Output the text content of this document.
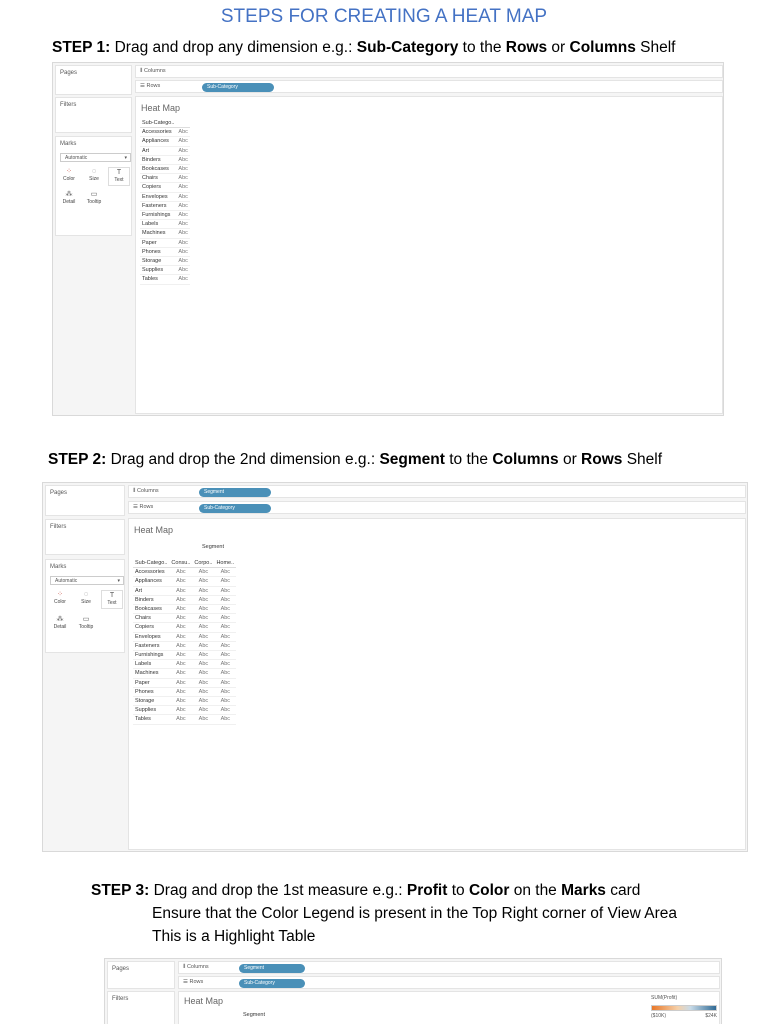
STEPS FOR CREATING A HEAT MAP
STEP 1: Drag and drop any dimension e.g.: Sub-Category to the Rows or Columns Shelf
Pages
Filters
Marks
Automatic	▾
⁘
Color
◌
Size
T
Text
⁂
Detail
▭
Tooltip
⦀ Columns
☰ Rows	Sub-Category
Heat Map
Sub-Catego..	
Accessories	Abc
Appliances	Abc
Art	Abc
Binders	Abc
Bookcases	Abc
Chairs	Abc
Copiers	Abc
Envelopes	Abc
Fasteners	Abc
Furnishings	Abc
Labels	Abc
Machines	Abc
Paper	Abc
Phones	Abc
Storage	Abc
Supplies	Abc
Tables	Abc
STEP 2: Drag and drop the 2nd dimension e.g.: Segment to the Columns or Rows Shelf
Pages
Filters
Marks
Automatic	▾
⁘
Color
◌
Size
T
Text
⁂
Detail
▭
Tooltip
⦀ Columns	Segment
☰ Rows	Sub-Category
Heat Map
Segment
Sub-Catego..	Consu..	Corpo..	Home..
Accessories	Abc	Abc	Abc
Appliances	Abc	Abc	Abc
Art	Abc	Abc	Abc
Binders	Abc	Abc	Abc
Bookcases	Abc	Abc	Abc
Chairs	Abc	Abc	Abc
Copiers	Abc	Abc	Abc
Envelopes	Abc	Abc	Abc
Fasteners	Abc	Abc	Abc
Furnishings	Abc	Abc	Abc
Labels	Abc	Abc	Abc
Machines	Abc	Abc	Abc
Paper	Abc	Abc	Abc
Phones	Abc	Abc	Abc
Storage	Abc	Abc	Abc
Supplies	Abc	Abc	Abc
Tables	Abc	Abc	Abc
STEP 3: Drag and drop the 1st measure e.g.: Profit to Color on the Marks card
Ensure that the Color Legend is present in the Top Right corner of View Area
This is a Highlight Table
Pages
Filters
⦀ Columns	Segment
☰ Rows	Sub-Category
Heat Map
Segment
SUM(Profit)
($10K)	$24K
